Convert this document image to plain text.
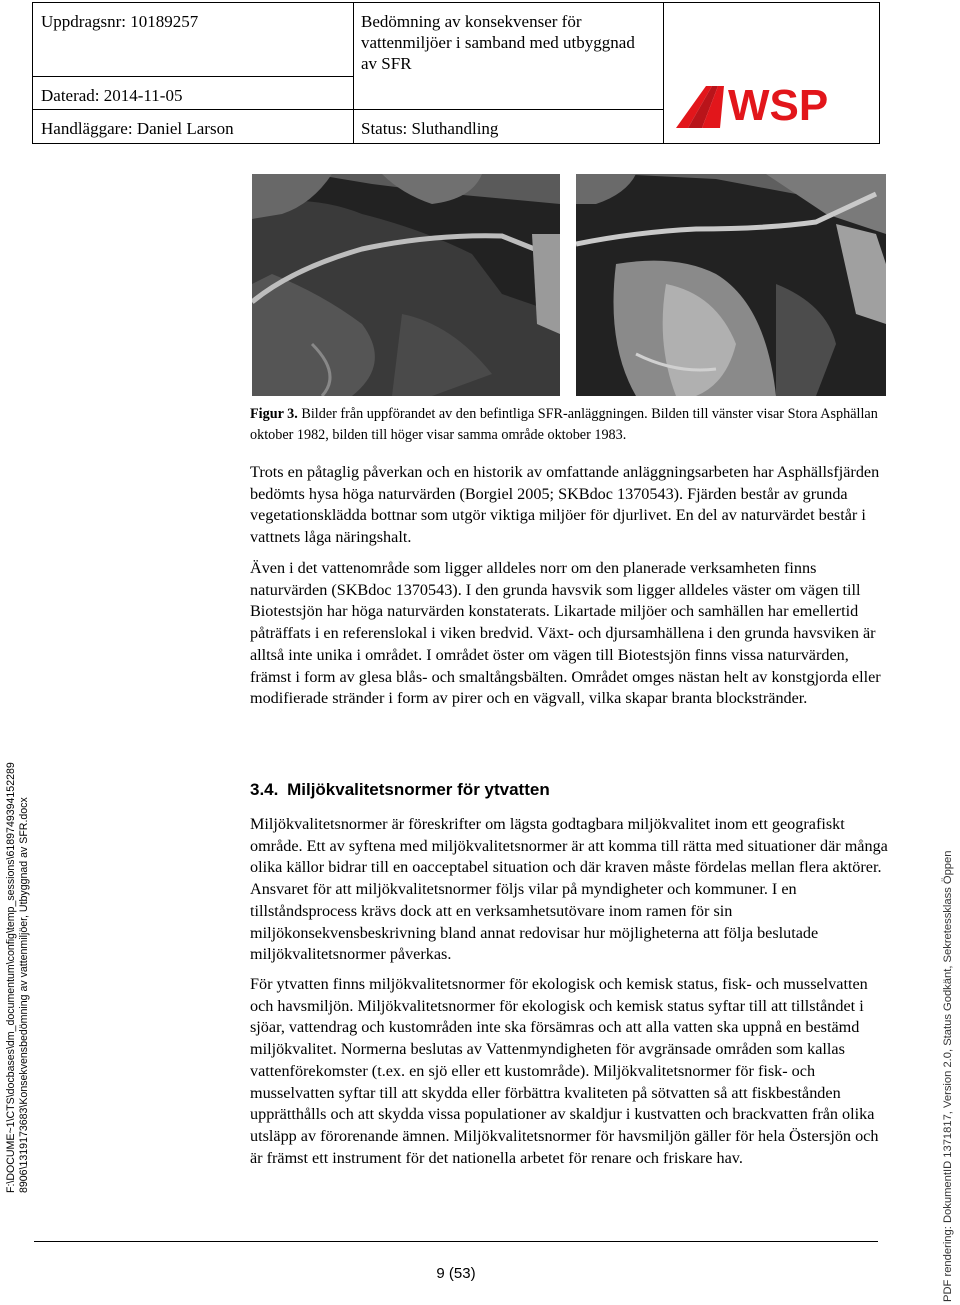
Uppdragsnr: 10189257	Bedömning av konsekvenser för vattenmiljöer i samband med utbyggnad av SFR
Daterad: 2014-11-05
Handläggare: Daniel Larson	Status: Sluthandling	WSP
Figur 3. Bilder från uppförandet av den befintliga SFR-anläggningen. Bilden till vänster visar Stora Asphällan oktober 1982, bilden till höger visar samma område oktober 1983.

Trots en påtaglig påverkan och en historik av omfattande anläggningsarbeten har Asphällsfjärden bedömts hysa höga naturvärden (Borgiel 2005; SKBdoc 1370543). Fjärden består av grunda vegetationsklädda bottnar som utgör viktiga miljöer för djurlivet. En del av naturvärdet består i vattnets låga näringshalt.

Även i det vattenområde som ligger alldeles norr om den planerade verksamheten finns naturvärden (SKBdoc 1370543). I den grunda havsvik som ligger alldeles väster om vägen till Biotestsjön har höga naturvärden konstaterats. Likartade miljöer och samhällen har emellertid påträffats i en referenslokal i viken bredvid. Växt- och djursamhällena i den grunda havsviken är alltså inte unika i området. I området öster om vägen till Biotestsjön finns vissa naturvärden, främst i form av glesa blås- och smaltångsbälten. Området omges nästan helt av konstgjorda eller modifierade stränder i form av pirer och en vägvall, vilka skapar branta blockstränder.

3.4. Miljökvalitetsnormer för ytvatten

Miljökvalitetsnormer är föreskrifter om lägsta godtagbara miljökvalitet inom ett geografiskt område. Ett av syftena med miljökvalitetsnormer är att komma till rätta med situationer där många olika källor bidrar till en oacceptabel situation och där kraven måste fördelas mellan flera aktörer. Ansvaret för att miljökvalitetsnormer följs vilar på myndigheter och kommuner. I en tillståndsprocess krävs dock att en verksamhetsutövare inom ramen för sin miljökonsekvensbeskrivning bland annat redovisar hur möjligheterna att följa beslutade miljökvalitetsnormer påverkas.

För ytvatten finns miljökvalitetsnormer för ekologisk och kemisk status, fisk- och musselvatten och havsmiljön. Miljökvalitetsnormer för ekologisk och kemisk status syftar till att tillståndet i sjöar, vattendrag och kustområden inte ska försämras och att alla vatten ska uppnå en bestämd miljökvalitet. Normerna beslutas av Vattenmyndigheten för avgränsade områden som kallas vattenförekomster (t.ex. en sjö eller ett kustområde). Miljökvalitetsnormer för fisk- och musselvatten syftar till att skydda eller förbättra kvaliteten på sötvatten så att fiskbestånden upprätthålls och att skydda vissa populationer av skaldjur i kustvatten och brackvatten från olika utsläpp av förorenande ämnen. Miljökvalitetsnormer för havsmiljön gäller för hela Östersjön och är främst ett instrument för det nationella arbetet för renare och friskare hav.

9 (53)
F:\DOCUME~1\CTS\docbases\dm_documentum\config\temp_sessions\6189749394152289 8906\1319173683\Konsekvensbedömning av vattenmiljöer, Utbyggnad av SFR.docx	PDF rendering: DokumentID 1371817, Version 2.0, Status Godkänt, Sekretessklass Öppen
